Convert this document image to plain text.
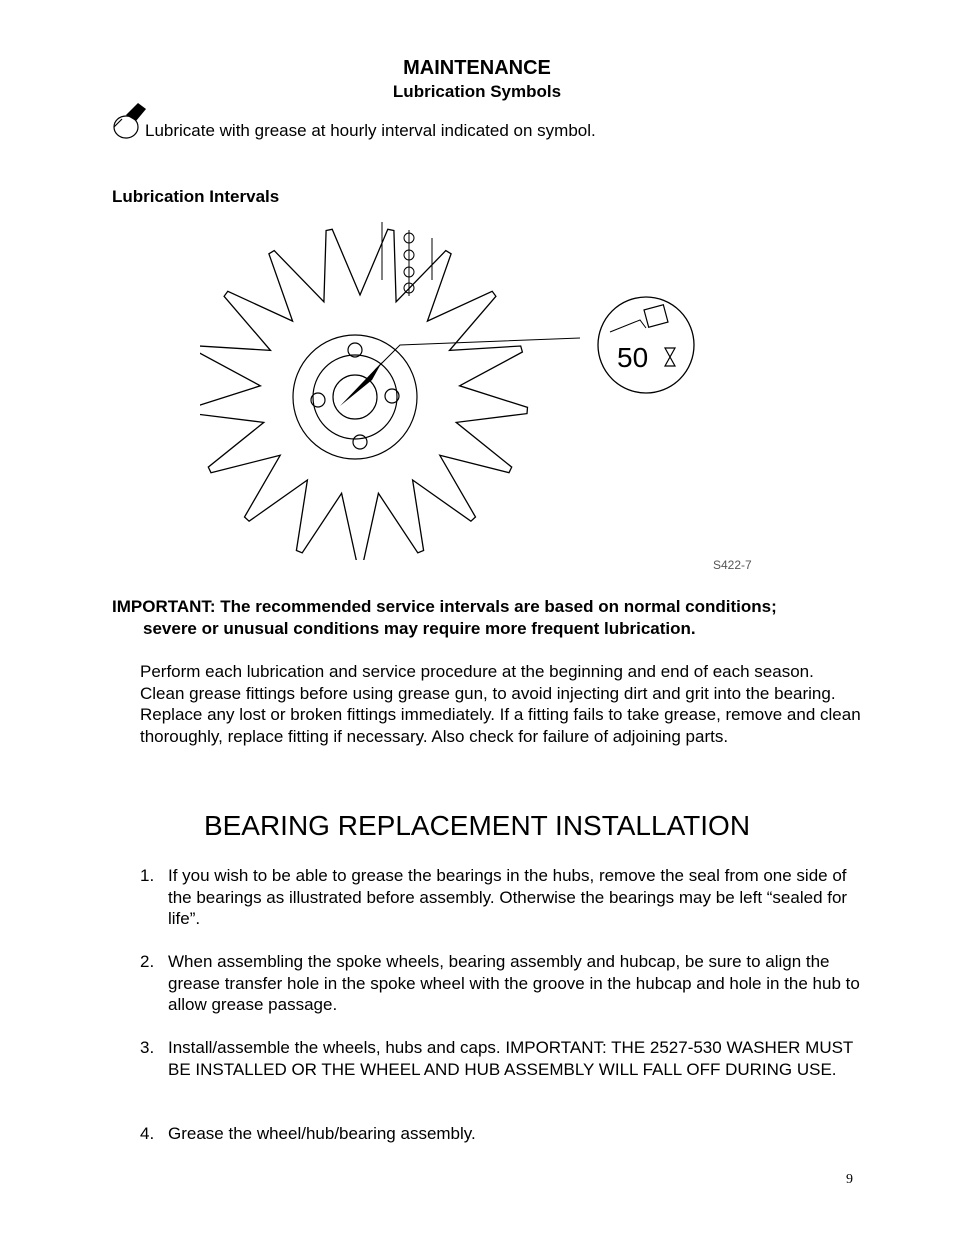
MAINTENANCE
Lubrication Symbols
Lubricate with grease at hourly interval indicated on symbol.
Lubrication Intervals
50
S422-7
IMPORTANT: The recommended service intervals are based on normal conditions;
severe or unusual conditions may require more frequent lubrication.
Perform each lubrication and service procedure at the beginning and end of each season.
Clean grease fittings before using grease gun, to avoid injecting dirt and grit into the bearing. Replace any lost or broken fittings immediately. If a fitting fails to take grease, remove and clean thoroughly, replace fitting if necessary. Also check for failure of adjoining parts.
BEARING REPLACEMENT INSTALLATION
1. If you wish to be able to grease the bearings in the hubs, remove the seal from one side of the bearings as illustrated before assembly. Otherwise the bearings may be left “sealed for life”.
2. When assembling the spoke wheels, bearing assembly and hubcap, be sure to align the grease transfer hole in the spoke wheel with the groove in the hubcap and hole in the hub to allow grease passage.
3. Install/assemble the wheels, hubs and caps. IMPORTANT: THE 2527-530 WASHER MUST BE INSTALLED OR THE WHEEL AND HUB ASSEMBLY WILL FALL OFF DURING USE.
4. Grease the wheel/hub/bearing assembly.
9
